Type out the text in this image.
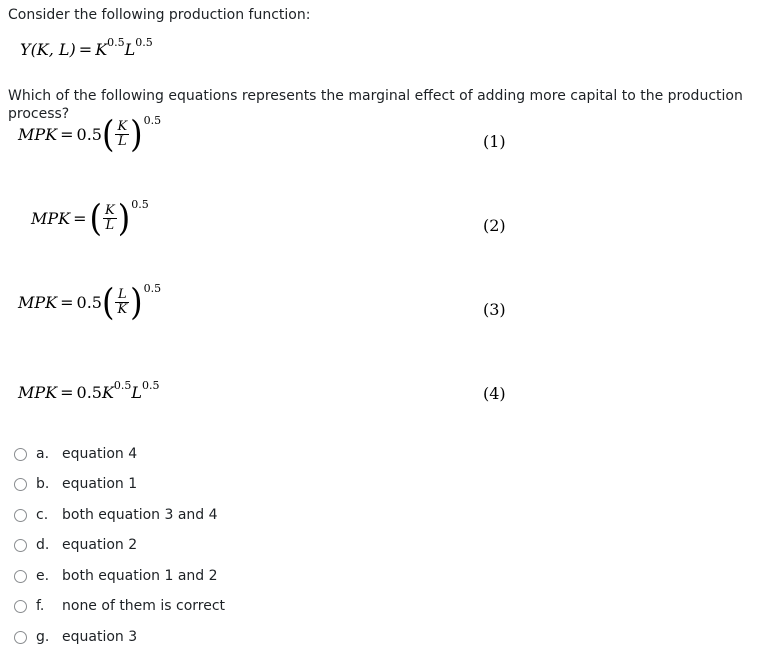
Consider the following production function:
Y(K, L) = K 0.5 L 0.5
Which of the following equations represents the marginal effect of adding more capital to the production process?
MPK = 0.5 ( $\frac{K}{L}$ ) 0.5
(1)
MPK = ( $\frac{K}{L}$ ) 0.5
(2)
MPK = 0.5 ( $\frac{L}{K}$ ) 0.5
(3)
MPK = 0.5 K 0.5 L 0.5	(4)
a. equation 4
b. equation 1
c. both equation 3 and 4
d. equation 2
e. both equation 1 and 2
f.	none of them is correct
g. equation 3
